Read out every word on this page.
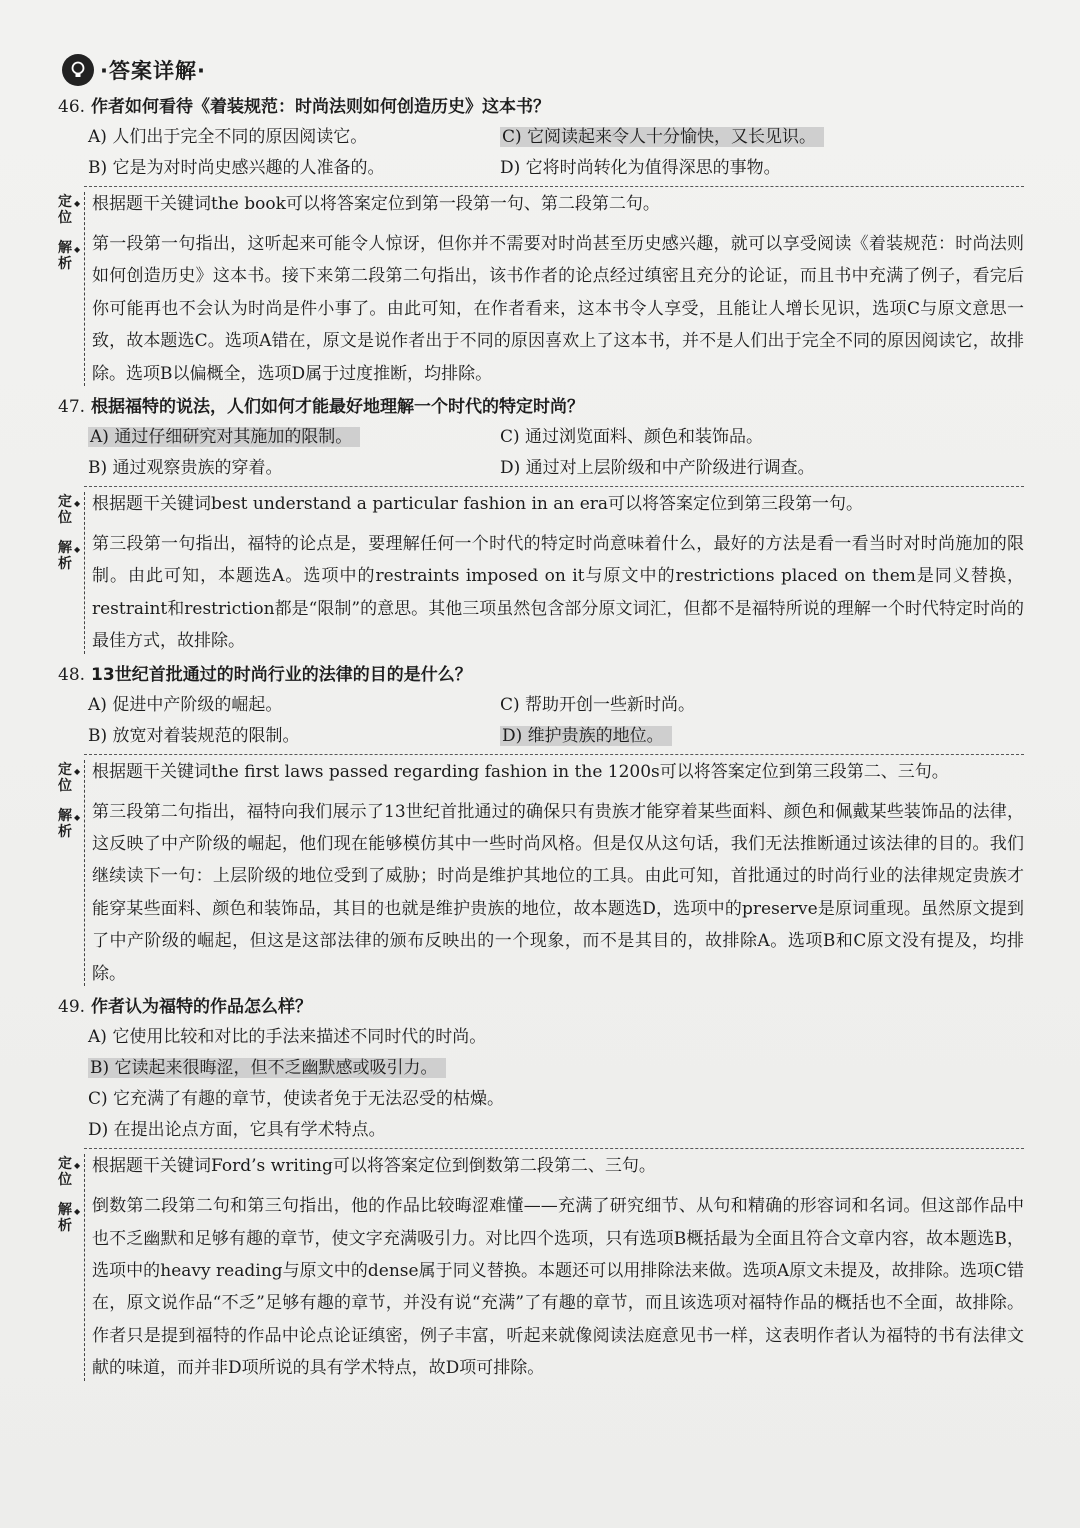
·答案详解·
46. 作者如何看待《着装规范：时尚法则如何创造历史》这本书？
A) 人们出于完全不同的原因阅读它。	C) 它阅读起来令人十分愉快，又长见识。
B) 它是为对时尚史感兴趣的人准备的。	D) 它将时尚转化为值得深思的事物。
定位 ◆
根据题干关键词the book可以将答案定位到第一段第一句、第二段第二句。
解析 ◆
第一段第一句指出，这听起来可能令人惊讶，但你并不需要对时尚甚至历史感兴趣，就可以享受阅读《着装规范：时尚法则如何创造历史》这本书。接下来第二段第二句指出，该书作者的论点经过缜密且充分的论证，而且书中充满了例子，看完后你可能再也不会认为时尚是件小事了。由此可知，在作者看来，这本书令人享受，且能让人增长见识，选项C与原文意思一致，故本题选C。选项A错在，原文是说作者出于不同的原因喜欢上了这本书，并不是人们出于完全不同的原因阅读它，故排除。选项B以偏概全，选项D属于过度推断，均排除。
47. 根据福特的说法，人们如何才能最好地理解一个时代的特定时尚？
A) 通过仔细研究对其施加的限制。	C) 通过浏览面料、颜色和装饰品。
B) 通过观察贵族的穿着。	D) 通过对上层阶级和中产阶级进行调查。
定位 ◆
根据题干关键词best understand a particular fashion in an era可以将答案定位到第三段第一句。
解析 ◆
第三段第一句指出，福特的论点是，要理解任何一个时代的特定时尚意味着什么，最好的方法是看一看当时对时尚施加的限制。由此可知，本题选A。选项中的restraints imposed on it与原文中的restrictions placed on them是同义替换，restraint和restriction都是“限制”的意思。其他三项虽然包含部分原文词汇，但都不是福特所说的理解一个时代特定时尚的最佳方式，故排除。
48. 13世纪首批通过的时尚行业的法律的目的是什么？
A) 促进中产阶级的崛起。	C) 帮助开创一些新时尚。
B) 放宽对着装规范的限制。	D) 维护贵族的地位。
定位 ◆
根据题干关键词the first laws passed regarding fashion in the 1200s可以将答案定位到第三段第二、三句。
解析 ◆
第三段第二句指出，福特向我们展示了13世纪首批通过的确保只有贵族才能穿着某些面料、颜色和佩戴某些装饰品的法律，这反映了中产阶级的崛起，他们现在能够模仿其中一些时尚风格。但是仅从这句话，我们无法推断通过该法律的目的。我们继续读下一句：上层阶级的地位受到了威胁；时尚是维护其地位的工具。由此可知，首批通过的时尚行业的法律规定贵族才能穿某些面料、颜色和装饰品，其目的也就是维护贵族的地位，故本题选D，选项中的preserve是原词重现。虽然原文提到了中产阶级的崛起，但这是这部法律的颁布反映出的一个现象，而不是其目的，故排除A。选项B和C原文没有提及，均排除。
49. 作者认为福特的作品怎么样？
A) 它使用比较和对比的手法来描述不同时代的时尚。
B) 它读起来很晦涩，但不乏幽默感或吸引力。
C) 它充满了有趣的章节，使读者免于无法忍受的枯燥。
D) 在提出论点方面，它具有学术特点。
定位 ◆
根据题干关键词Ford’s writing可以将答案定位到倒数第二段第二、三句。
解析 ◆
倒数第二段第二句和第三句指出，他的作品比较晦涩难懂——充满了研究细节、从句和精确的形容词和名词。但这部作品中也不乏幽默和足够有趣的章节，使文字充满吸引力。对比四个选项，只有选项B概括最为全面且符合文章内容，故本题选B，选项中的heavy reading与原文中的dense属于同义替换。本题还可以用排除法来做。选项A原文未提及，故排除。选项C错在，原文说作品“不乏”足够有趣的章节，并没有说“充满”了有趣的章节，而且该选项对福特作品的概括也不全面，故排除。作者只是提到福特的作品中论点论证缜密，例子丰富，听起来就像阅读法庭意见书一样，这表明作者认为福特的书有法律文献的味道，而并非D项所说的具有学术特点，故D项可排除。
